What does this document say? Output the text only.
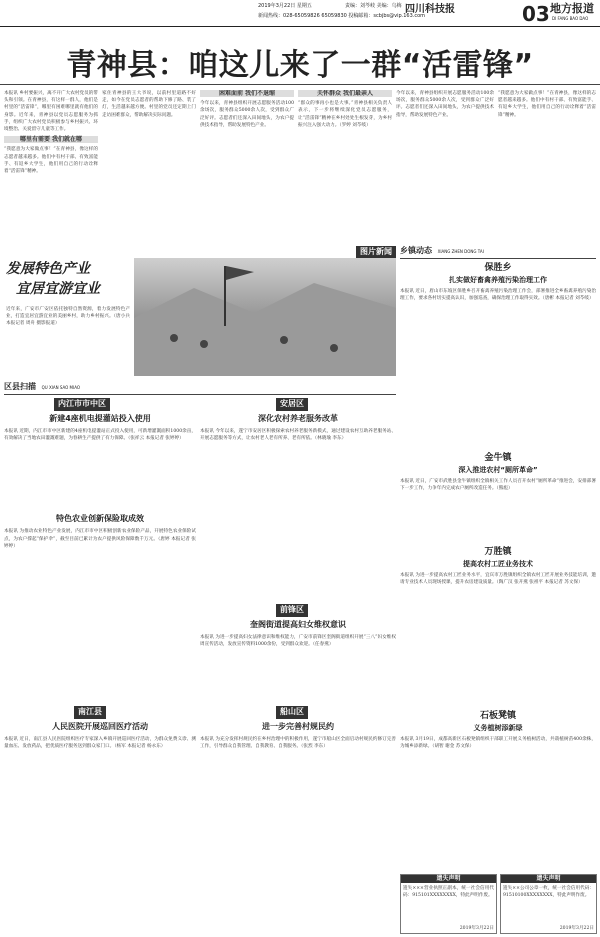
2019年3月22日 星期五	责编：刘芩岐 美编：乌梅
新闻热线：028-65059826 65059830 投稿邮箱：scbjbs@vip.163.com
四川科技报	03 地方报道
DI FANG BAO DAO
青神县：咱这儿来了一群“活雷锋”
本报讯 乡村要振兴，离不开广大农村党员的带头和引领。在青神县，有这样一群人，他们是村里的“活雷锋”，哪里有困难哪里就有他们的身影。近年来，青神县以党员志愿服务为抓手，组织广大农村党员积极参与乡村振兴、环境整治、关爱留守儿童等工作。
哪里有需要 我们就在哪
“我愿意为大家做点事！”在青神县，像这样的志愿者越来越多。他们中有村干部、有致富能手、有返乡大学生，他们用自己的行动诠释着“活雷锋”精神。
家住青神县的王大爷说，以前村里道路不好走，如今在党员志愿者的帮助下修了路、装了灯，生活越来越方便。村里的党员还定期上门走访困难群众，帮助解决实际问题。
困难面前 我们不退缩
今年以来，青神县组织开展志愿服务活动100余场次，服务群众5000余人次，受到群众广泛好评。志愿者们还深入田间地头，为农户提供技术指导，帮助发展特色产业。
关怀群众 我们最亲人
“群众的事再小也是大事。”青神县相关负责人表示，下一步将继续深化党员志愿服务，让“活雷锋”精神在乡村处处生根发芽，为乡村振兴注入强大动力。（罗婷 刘芩岐）
今年以来，青神县组织开展志愿服务活动100余场次，服务群众5000余人次，受到群众广泛好评。志愿者们还深入田间地头，为农户提供技术指导，帮助发展特色产业。
“我愿意为大家做点事！”在青神县，像这样的志愿者越来越多。他们中有村干部、有致富能手、有返乡大学生，他们用自己的行动诠释着“活雷锋”精神。
图片新闻
发展特色产业
宜居宜游宜业
近年来，广安市广安区依托独特自然资源，着力发展特色产业，打造宜居宜游宜业的美丽乡村，助力乡村振兴。（唐小兵 本报记者 周舟 摄影报道）
区县扫描 QU XIAN SAO MIAO
内江市市中区
新建4座机电提灌站投入使用
本报讯 近期，内江市市中区新建的4座机电提灌站正式投入使用，可新增灌溉面积1000余亩，有效解决了当地农田灌溉难题，为春耕生产提供了有力保障。（张祥云 本报记者 张婷婷）
特色农业创新保险取成效
本报讯 为推动农业特色产业发展，内江市市中区积极创新农业保险产品，开展特色农业保险试点，为农户撑起“保护伞”，截至目前已累计为农户提供风险保障数千万元。（唐婷 本报记者 张婷婷）
安居区
深化农村养老服务改革
本报讯 今年以来，遂宁市安居区积极探索农村养老服务新模式，通过建设农村互助养老服务站、开展志愿服务等方式，让农村老人老有所养、老有所依。（林晓瑜 李东）
前锋区
奎阁街道提高妇女维权意识
本报讯 为进一步提高妇女法律意识和维权能力，广安市前锋区奎阁街道组织开展“三八”妇女维权周宣传活动，发放宣传资料1000余份，受到群众欢迎。（任春燕）
船山区
进一步完善村规民约
本报讯 为充分发挥村规民约在乡村治理中的积极作用，遂宁市船山区全面启动村规民约修订完善工作，引导群众自我管理、自我教育、自我服务。（张烈 李东）
南江县
人民医院开展巡回医疗活动
本报讯 近日，南江县人民医院组织医疗专家深入乡镇开展巡回医疗活动，为群众免费义诊、测量血压、发放药品，把优质医疗服务送到群众家门口。（杨军 本报记者 杨永东）
乡镇动态 XIANG ZHEN DONG TAI
保胜乡
扎实做好畜禽养殖污染治理工作
本报讯 近日，眉山市东坡区保胜乡召开畜禽养殖污染治理工作会，部署推进全乡畜禽养殖污染治理工作，要求各村切实提高认识，加强巡查，确保治理工作取得实效。（唐彬 本报记者 刘芩岐）
金牛镇
深入推进农村“厕所革命”
本报讯 近日，广安市武胜县金牛镇组织全镇相关工作人员召开农村“厕所革命”推进会，安排部署下一步工作，力争年内完成农户厕所改造任务。（熊彪）
万胜镇
提高农村工匠业务技术
本报讯 为进一步提高农村工匠业务水平，宜宾市万胜镇组织全镇农村工匠开展业务技能培训，邀请专业技术人员现场授课，提升农房建设质量。（陶广汉 张开燕 张祖平 本报记者 苏文保）
石板凳镇
义务植树添新绿
本报讯 3月19日，成都高新区石板凳镇组织干部职工开展义务植树活动，共栽植树苗400余株，为城乡添新绿。（胡智 谢金 苏文保）
遗失声明
遗失×××营业执照正副本，统一社会信用代码：915101XXXXXXXX，特此声明作废。
2019年3月22日
遗失声明
遗失××公司公章一枚，统一社会信用代码：91510100XXXXXXXX，特此声明作废。
2019年3月22日
